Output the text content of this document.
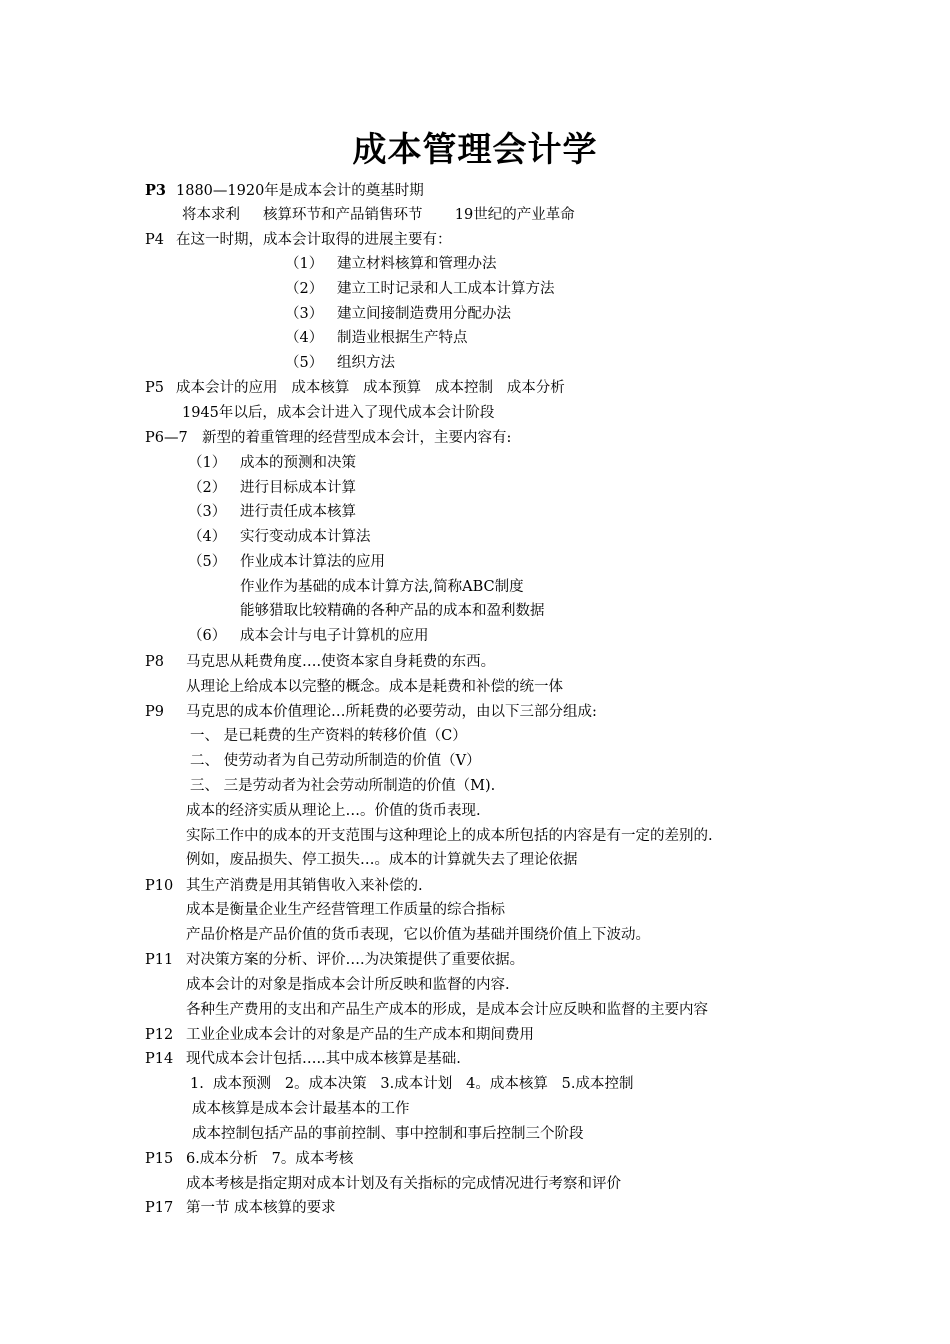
成本管理会计学
P3 1880—1920年是成本会计的奠基时期
将本求利     核算环节和产品销售环节       19世纪的产业革命
P4 在这一时期，成本会计取得的进展主要有：
（1）   建立材料核算和管理办法
（2）   建立工时记录和人工成本计算方法
（3）   建立间接制造费用分配办法
（4）   制造业根据生产特点
（5）   组织方法
P5 成本会计的应用   成本核算   成本预算   成本控制   成本分析
1945年以后，成本会计进入了现代成本会计阶段
P6—7 新型的着重管理的经营型成本会计，主要内容有:
（1）   成本的预测和决策
（2）   进行目标成本计算
（3）   进行责任成本核算
（4）   实行变动成本计算法
（5）   作业成本计算法的应用
作业作为基础的成本计算方法,简称ABC制度
能够猎取比较精确的各种产品的成本和盈利数据
（6）   成本会计与电子计算机的应用
P8 马克思从耗费角度….使资本家自身耗费的东西。
从理论上给成本以完整的概念。成本是耗费和补偿的统一体
P9 马克思的成本价值理论…所耗费的必要劳动，由以下三部分组成:
一、 是已耗费的生产资料的转移价值（C）
二、 使劳动者为自己劳动所制造的价值（V）
三、 三是劳动者为社会劳动所制造的价值（M).
成本的经济实质从理论上…。价值的货币表现.
实际工作中的成本的开支范围与这种理论上的成本所包括的内容是有一定的差别的.
例如，废品损失、停工损失…。成本的计算就失去了理论依据
P10 其生产消费是用其销售收入来补偿的.
成本是衡量企业生产经营管理工作质量的综合指标
产品价格是产品价值的货币表现，它以价值为基础并围绕价值上下波动。
P11 对决策方案的分析、评价….为决策提供了重要依据。
成本会计的对象是指成本会计所反映和监督的内容.
各种生产费用的支出和产品生产成本的形成，是成本会计应反映和监督的主要内容
P12 工业企业成本会计的对象是产品的生产成本和期间费用
P14 现代成本会计包括…..其中成本核算是基础.
1.  成本预测   2。成本决策   3.成本计划   4。成本核算   5.成本控制
成本核算是成本会计最基本的工作
成本控制包括产品的事前控制、事中控制和事后控制三个阶段
P15 6.成本分析   7。成本考核
成本考核是指定期对成本计划及有关指标的完成情况进行考察和评价
P17 第一节 成本核算的要求
